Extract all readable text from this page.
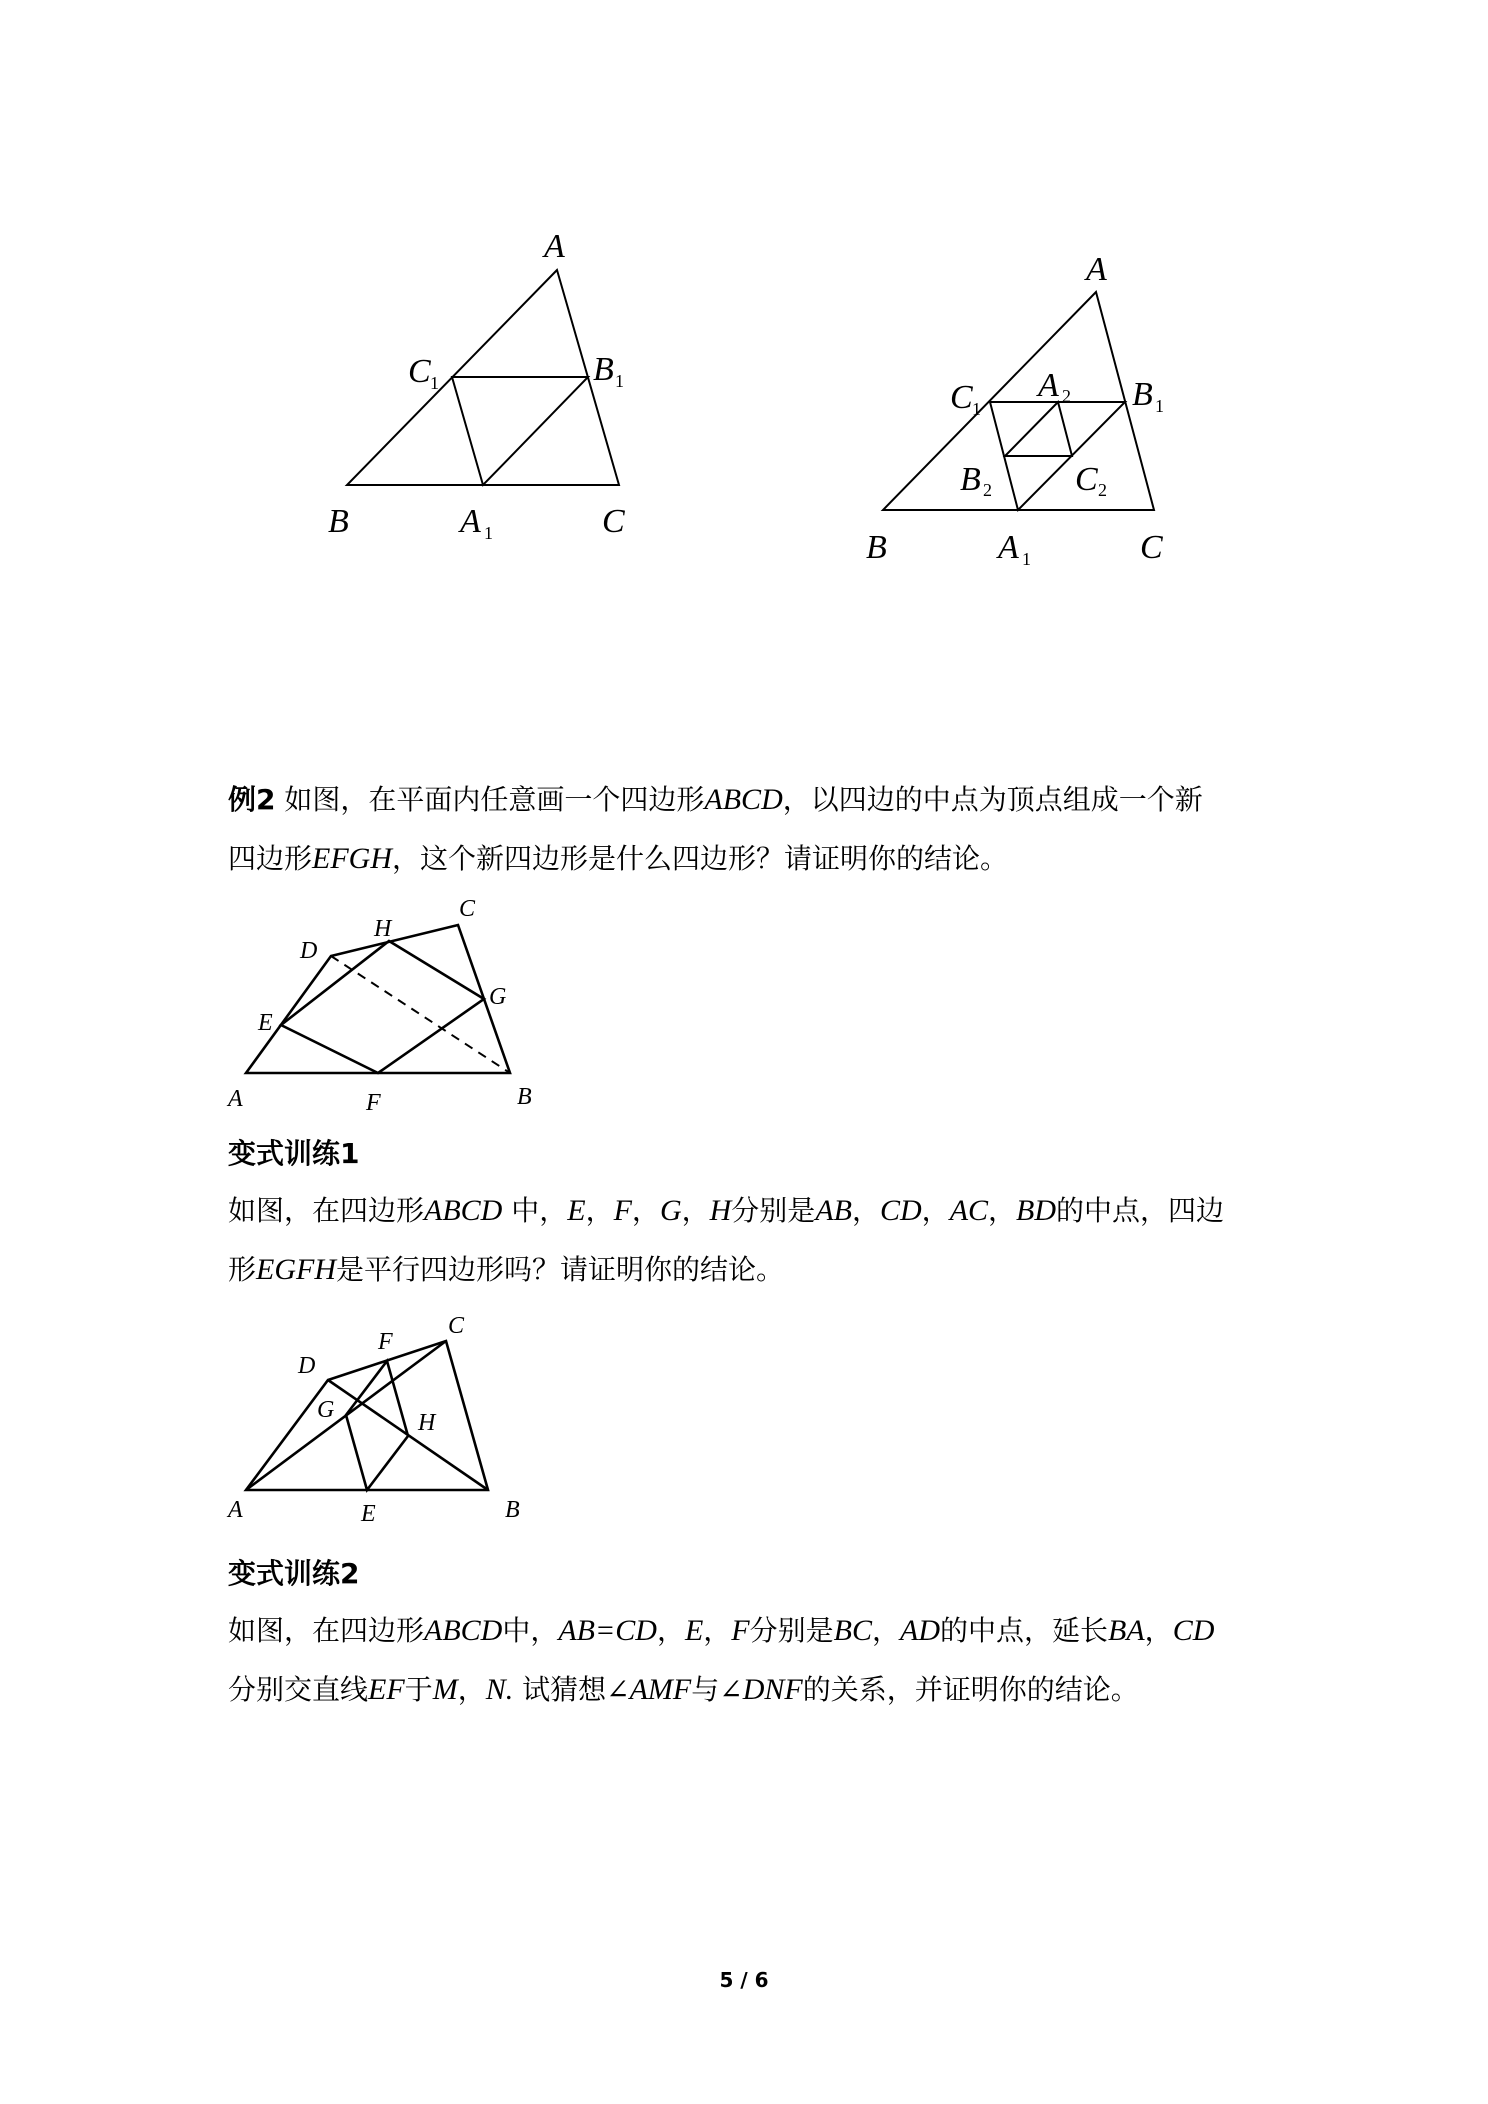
A
C 1	B 1
B	A 1	C
A
C 1
A 2 B 1
B 2 C 2
B	A 1	C
例2 如图，在平面内任意画一个四边形ABCD，以四边的中点为顶点组成一个新
四边形EFGH，这个新四边形是什么四边形？请证明你的结论。
C
H
D
G
E
A	F	B
变式训练1
如图，在四边形ABCD 中，E，F，G，H分别是AB，CD，AC，BD的中点，四边
形EGFH是平行四边形吗？请证明你的结论。
C
F
D
G	H
A	E	B
变式训练2
如图，在四边形ABCD中，AB=CD，E，F分别是BC，AD的中点，延长BA，CD
分别交直线EF于M，N. 试猜想∠AMF与∠DNF的关系，并证明你的结论。
5 / 6
